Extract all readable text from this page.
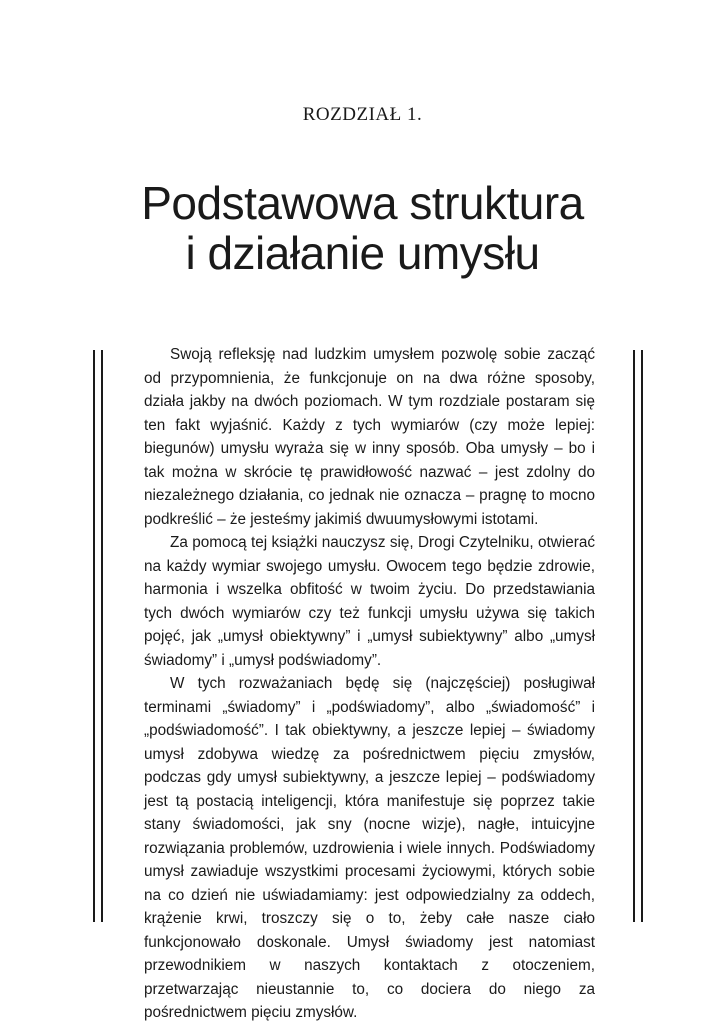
ROZDZIAŁ 1.
Podstawowa struktura
i działanie umysłu

Swoją refleksję nad ludzkim umysłem pozwolę sobie zacząć od przypomnienia, że funkcjonuje on na dwa różne sposoby, działa jakby na dwóch poziomach. W tym rozdziale postaram się ten fakt wyjaśnić. Każdy z tych wymiarów (czy może lepiej: biegunów) umysłu wyraża się w inny sposób. Oba umysły – bo i tak można w skrócie tę prawidłowość nazwać – jest zdolny do niezależnego działania, co jednak nie oznacza – pragnę to mocno podkreślić – że jesteśmy jakimiś dwuumysłowymi istotami.

Za pomocą tej książki nauczysz się, Drogi Czytelniku, otwierać na każdy wymiar swojego umysłu. Owocem tego będzie zdrowie, harmonia i wszelka obfitość w twoim życiu. Do przedstawiania tych dwóch wymiarów czy też funkcji umysłu używa się takich pojęć, jak „umysł obiektywny” i „umysł subiektywny” albo „umysł świadomy” i „umysł podświadomy”.

W tych rozważaniach będę się (najczęściej) posługiwał terminami „świadomy” i „podświadomy”, albo „świadomość” i „podświadomość”. I tak obiektywny, a jeszcze lepiej – świadomy umysł zdobywa wiedzę za pośrednictwem pięciu zmysłów, podczas gdy umysł subiektywny, a jeszcze lepiej – podświadomy jest tą postacią inteligencji, która manifestuje się poprzez takie stany świadomości, jak sny (nocne wizje), nagłe, intuicyjne rozwiązania problemów, uzdrowienia i wiele innych. Podświadomy umysł zawiaduje wszystkimi procesami życiowymi, których sobie na co dzień nie uświadamiamy: jest odpowiedzialny za oddech, krążenie krwi, troszczy się o to, żeby całe nasze ciało funkcjonowało doskonale. Umysł świadomy jest natomiast przewodnikiem w naszych kontaktach z otoczeniem, przetwarzając nieustannie to, co dociera do niego za pośrednictwem pięciu zmysłów.
